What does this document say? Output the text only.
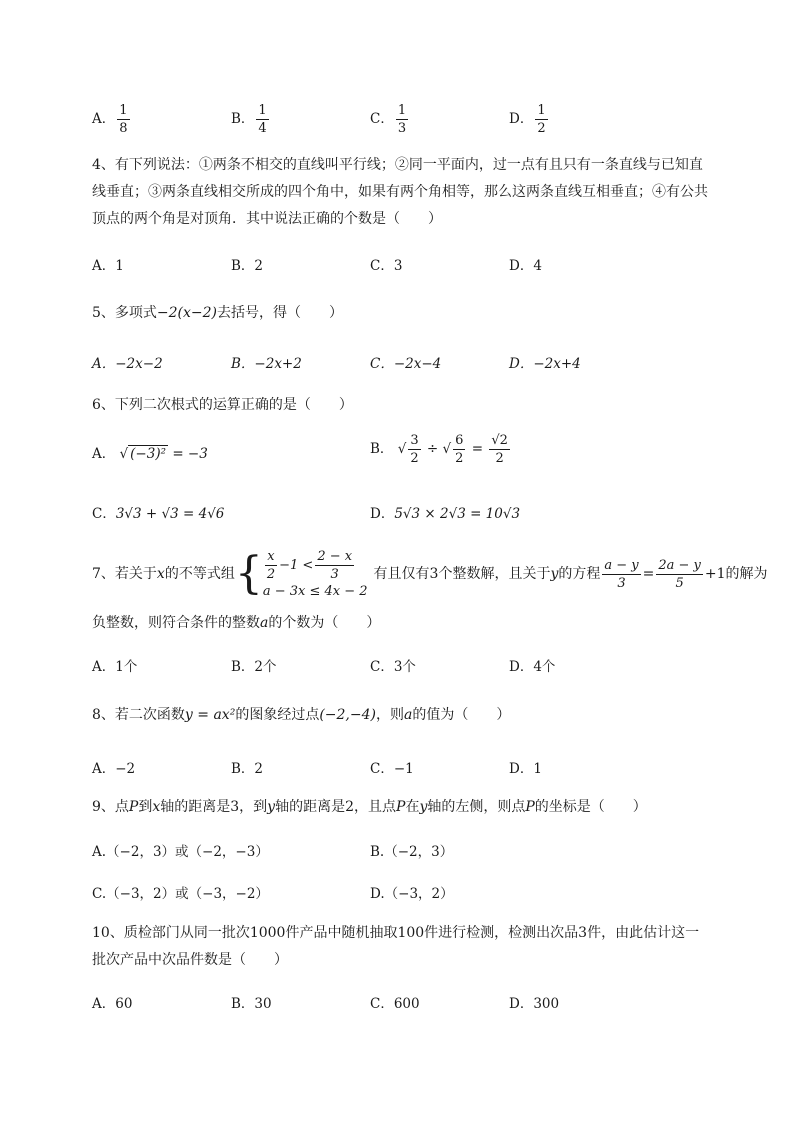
A． $\frac{1}{8}$	B． $\frac{1}{4}$	C． $\frac{1}{3}$	D． $\frac{1}{2}$
4、有下列说法：①两条不相交的直线叫平行线；②同一平面内，过一点有且只有一条直线与已知直
线垂直；③两条直线相交所成的四个角中，如果有两个角相等，那么这两条直线互相垂直；④有公共
顶点的两个角是对顶角．其中说法正确的个数是（　　）
A．1	B．2	C．3	D．4
5、多项式−2(x−2)去括号，得（　　）
A．−2x−2	B．−2x+2	C．−2x−4	D．−2x+4
6、下列二次根式的运算正确的是（　　）
A． √ (−3)² = −3	B． √ $\frac{3}{2}$ ÷ √ $\frac{6}{2} = \frac{√2}{2}$
C．3√3 + √3 = 4√6	D．5√3 × 2√3 = 10√3
7、若关于x的不等式组{ $\frac{x}{2} -1 < \frac{2 - x}{3}$
a − 3x ≤ 4x − 2
有且仅有3个整数解，且关于y的方程 $\frac{a - y}{3} = \frac{2a - y}{5} +1$的解为
负整数，则符合条件的整数a的个数为（　　）
A．1个	B．2个	C．3个	D．4个
8、若二次函数y = ax²的图象经过点(−2,−4)，则a的值为（　　）
A．−2	B．2	C．−1	D．1
9、点P到x轴的距离是3，到y轴的距离是2，且点P在y轴的左侧，则点P的坐标是（　　）
A.（−2，3）或（−2，−3）	B.（−2，3）
C.（−3，2）或（−3，−2）	D.（−3，2）
10、质检部门从同一批次1000件产品中随机抽取100件进行检测，检测出次品3件，由此估计这一
批次产品中次品件数是（　　）
A．60	B．30	C．600	D．300
